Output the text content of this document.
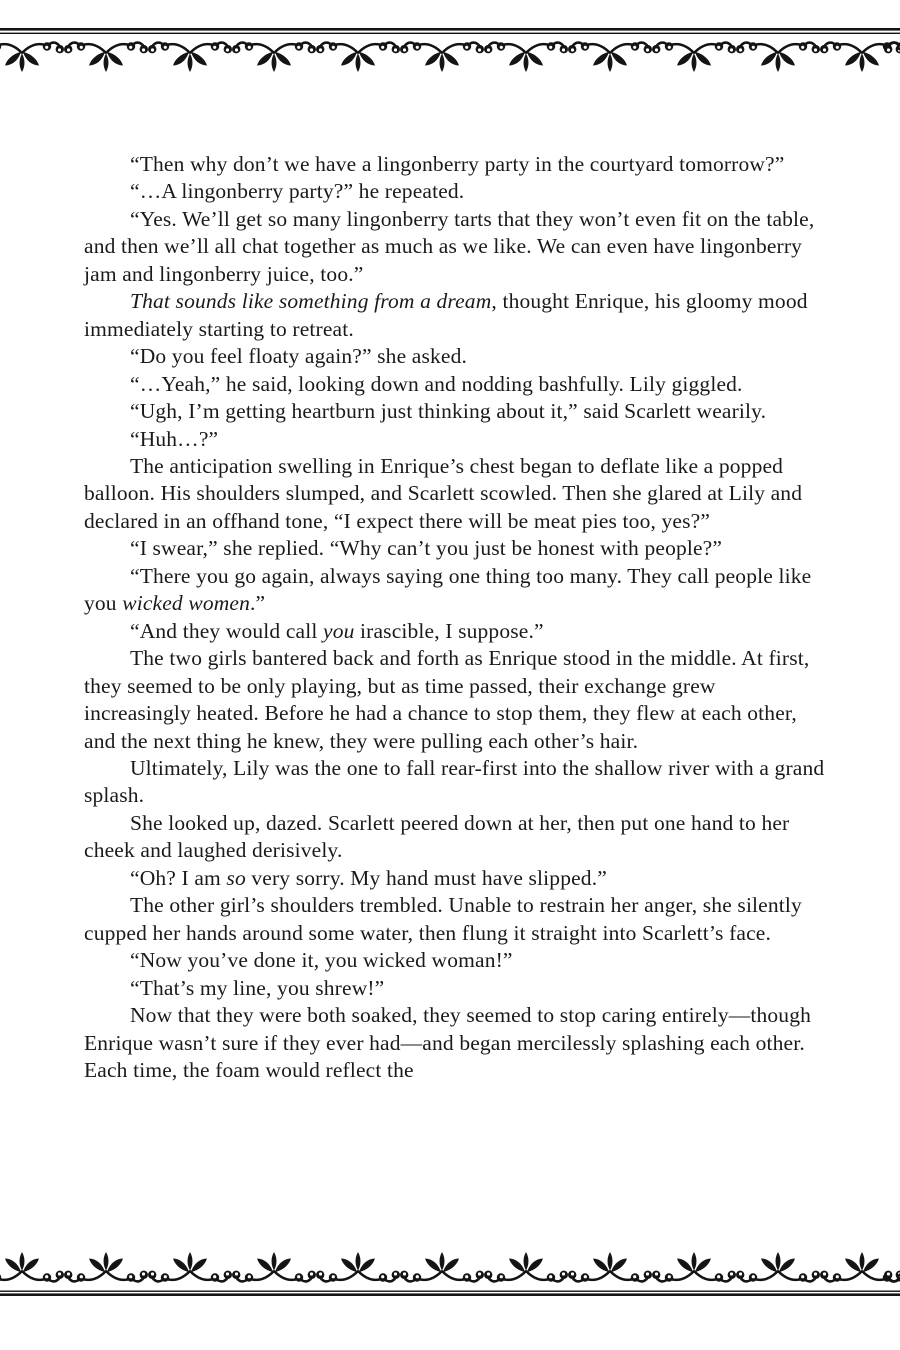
“Then why don’t we have a lingonberry party in the courtyard tomorrow?”

“…A lingonberry party?” he repeated.

“Yes. We’ll get so many lingonberry tarts that they won’t even fit on the table, and then we’ll all chat together as much as we like. We can even have lingonberry jam and lingonberry juice, too.”

That sounds like something from a dream, thought Enrique, his gloomy mood immediately starting to retreat.

“Do you feel floaty again?” she asked.

“…Yeah,” he said, looking down and nodding bashfully. Lily giggled.

“Ugh, I’m getting heartburn just thinking about it,” said Scarlett wearily.

“Huh…?”

The anticipation swelling in Enrique’s chest began to deflate like a popped balloon. His shoulders slumped, and Scarlett scowled. Then she glared at Lily and declared in an offhand tone, “I expect there will be meat pies too, yes?”

“I swear,” she replied. “Why can’t you just be honest with people?”

“There you go again, always saying one thing too many. They call people like you wicked women.”

“And they would call you irascible, I suppose.”

The two girls bantered back and forth as Enrique stood in the middle. At first, they seemed to be only playing, but as time passed, their exchange grew increasingly heated. Before he had a chance to stop them, they flew at each other, and the next thing he knew, they were pulling each other’s hair.

Ultimately, Lily was the one to fall rear-first into the shallow river with a grand splash.

She looked up, dazed. Scarlett peered down at her, then put one hand to her cheek and laughed derisively.

“Oh? I am so very sorry. My hand must have slipped.”

The other girl’s shoulders trembled. Unable to restrain her anger, she silently cupped her hands around some water, then flung it straight into Scarlett’s face.

“Now you’ve done it, you wicked woman!”

“That’s my line, you shrew!”

Now that they were both soaked, they seemed to stop caring entirely—though Enrique wasn’t sure if they ever had—and began mercilessly splashing each other. Each time, the foam would reflect the
